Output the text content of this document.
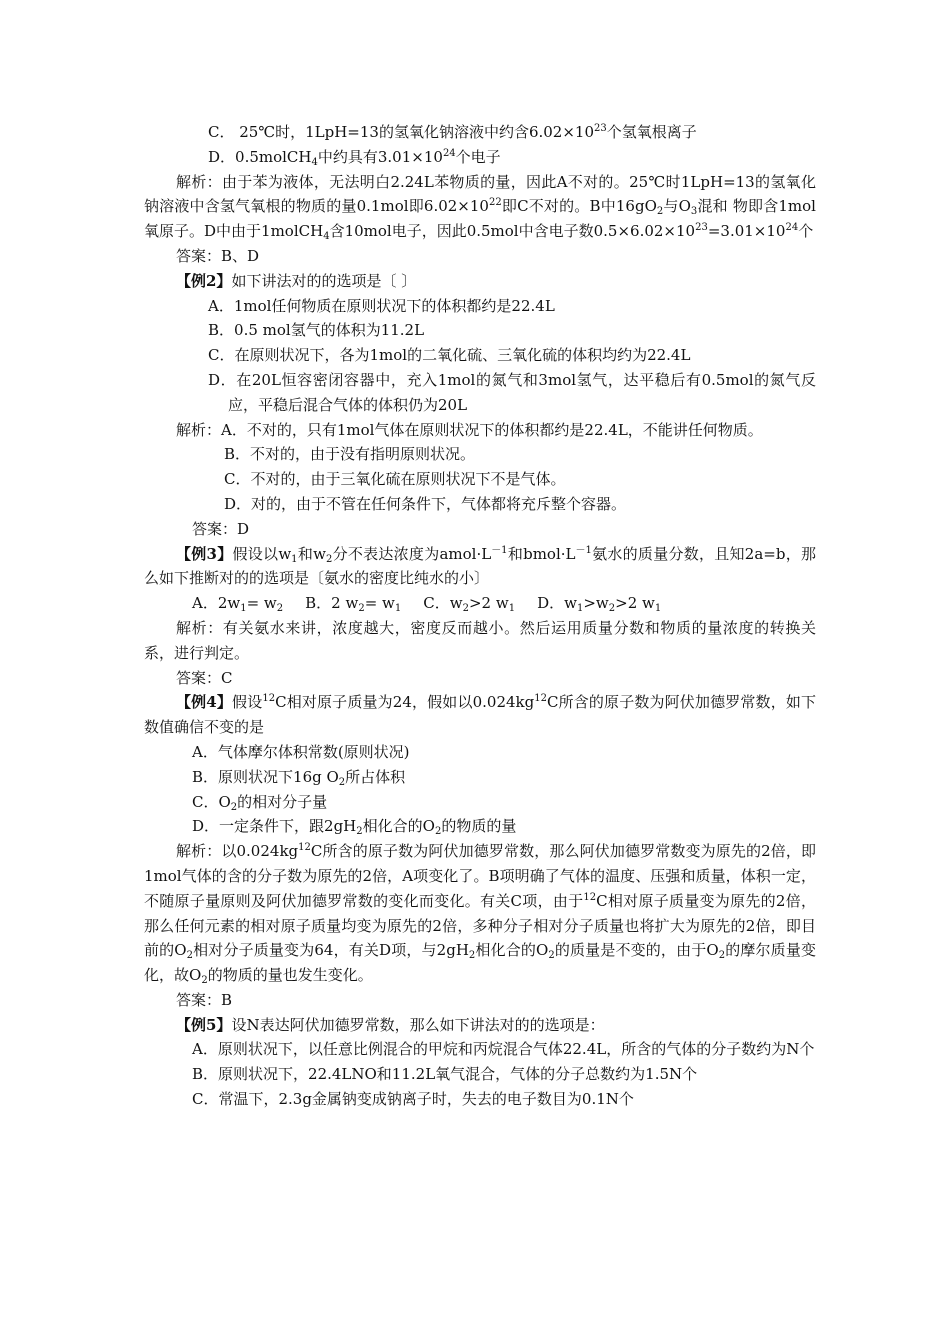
C． 25℃时，1LpH=13的氢氧化钠溶液中约含$6.02\times 10^{23}$个氢氧根离子

D．0.5molCH$_4$中约具有$3.01\times 10^{24}$个电子

解析：由于苯为液体，无法明白2.24L苯物质的量，因此A不对的。25℃时1LpH=13的氢氧化钠溶液中含氢气氧根的物质的量0.1mol即$6.02\times 10^{22}$即C不对的。B中$16gO_2$与$O_3$混和 物即含1mol氧原子。D中由于1molCH$_4$含10mol电子，因此0.5mol中含电子数$0.5\times 6.02\times 10^{23}=3.01\times 10^{24}$个

答案：B、D

【例2】如下讲法对的的选项是〔 〕

A．1mol任何物质在原则状况下的体积都约是22.4L

B．0.5 mol氢气的体积为11.2L

C．在原则状况下，各为1mol的二氧化硫、三氧化硫的体积均约为22.4L

D．在20L恒容密闭容器中，充入1mol的氮气和3mol氢气，达平稳后有0.5mol的氮气反应，平稳后混合气体的体积仍为20L

解析：A．不对的，只有1mol气体在原则状况下的体积都约是22.4L，不能讲任何物质。

B．不对的，由于没有指明原则状况。

C．不对的，由于三氧化硫在原则状况下不是气体。

D．对的，由于不管在任何条件下，气体都将充斥整个容器。

答案：D

【例3】假设以$w_1$和$w_2$分不表达浓度为$amol\cdot L^{-1}$和$bmol\cdot L^{-1}$氨水的质量分数，且知2a=b，那么如下推断对的的选项是〔氨水的密度比纯水的小〕

A．$2w_1= w_2$ B．2 $w_2= w_1$ C．$w_2>2$ $w_1$ D．$w_1>w_2>2$ $w_1$

解析：有关氨水来讲，浓度越大，密度反而越小。然后运用质量分数和物质的量浓度的转换关系，进行判定。

答案：C

【例4】假设$^{12}$C相对原子质量为24，假如以$0.024kg^{12}C$所含的原子数为阿伏加德罗常数，如下数值确信不变的是

A．气体摩尔体积常数(原则状况)

B．原则状况下16g $O_2$所占体积

C．$O_2$的相对分子量

D．一定条件下，跟$2gH_2$相化合的$O_2$的物质的量

解析：以$0.024kg^{12}C$所含的原子数为阿伏加德罗常数，那么阿伏加德罗常数变为原先的2倍，即1mol气体的含的分子数为原先的2倍，A项变化了。B项明确了气体的温度、压强和质量，体积一定，不随原子量原则及阿伏加德罗常数的变化而变化。有关C项，由于$^{12}$C相对原子质量变为原先的2倍，那么任何元素的相对原子质量均变为原先的2倍，多种分子相对分子质量也将扩大为原先的2倍，即目前的$O_2$相对分子质量变为64，有关D项，与$2gH_2$相化合的$O_2$的质量是不变的，由于$O_2$的摩尔质量变化，故$O_2$的物质的量也发生变化。

答案：B

【例5】设N表达阿伏加德罗常数，那么如下讲法对的的选项是：

A．原则状况下，以任意比例混合的甲烷和丙烷混合气体22.4L，所含的气体的分子数约为N个

B．原则状况下，22.4LNO和11.2L氧气混合，气体的分子总数约为1.5N个

C．常温下，2.3g金属钠变成钠离子时，失去的电子数目为0.1N个
